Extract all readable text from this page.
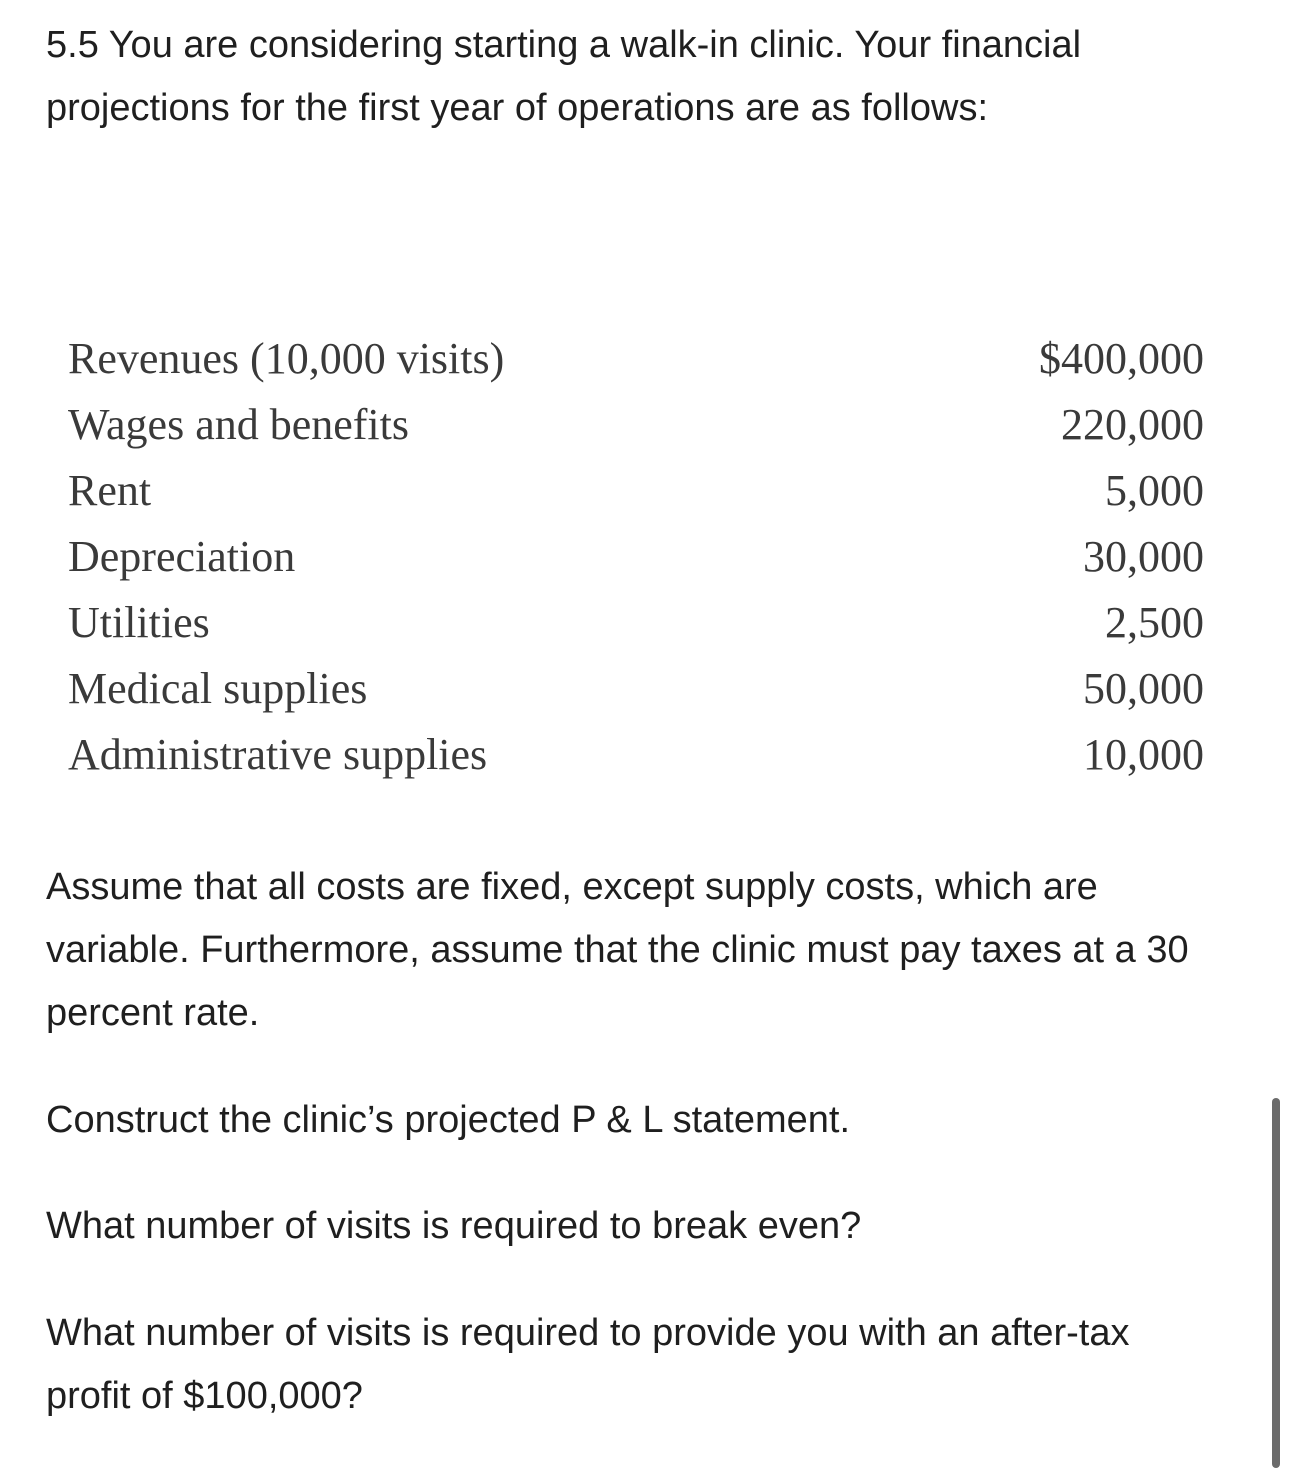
5.5 You are considering starting a walk-in clinic. Your financial projections for the first year of operations are as follows:

Revenues (10,000 visits)	$400,000
Wages and benefits	220,000
Rent	5,000
Depreciation	30,000
Utilities	2,500
Medical supplies	50,000
Administrative supplies	10,000

Assume that all costs are fixed, except supply costs, which are variable. Furthermore, assume that the clinic must pay taxes at a 30 percent rate.

Construct the clinic’s projected P & L statement.

What number of visits is required to break even?

What number of visits is required to provide you with an after-tax profit of $100,000?
